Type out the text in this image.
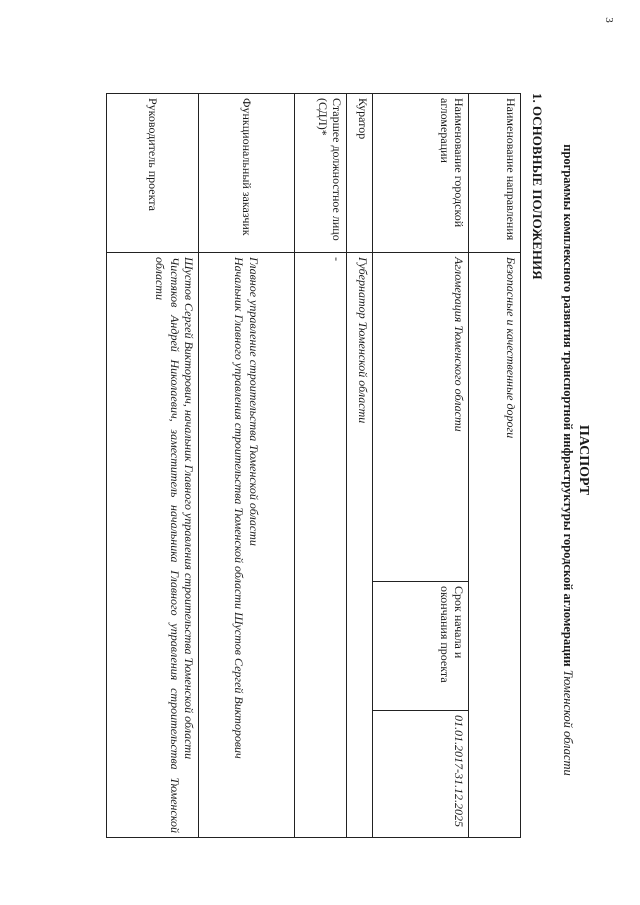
3
ПАСПОРТ
программы комплексного развития транспортной инфраструктуры городской агломерации Тюменской области
1. ОСНОВНЫЕ ПОЛОЖЕНИЯ
Наименование направления	Безопасные и качественные дороги		
Наименование городской агломерации	Агломерация Тюменского области	Срок начала и окончания проекта	01.01.2017-31.12.2025
Куратор	Губернатор Тюменской области		
Старшее должностное лицо (СДЛ)*	-		
Функциональный заказчик	Главное управление строительства Тюменской области
Начальник Главного управления строительства Тюменской области Шустов Сергей Викторович		

Руководитель проекта	Шустов Сергей Викторович, начальник Главного управления строительства Тюменской области
Чистяков Андрей Николаевич, заместитель начальника Главного управления строительства Тюменской области		
